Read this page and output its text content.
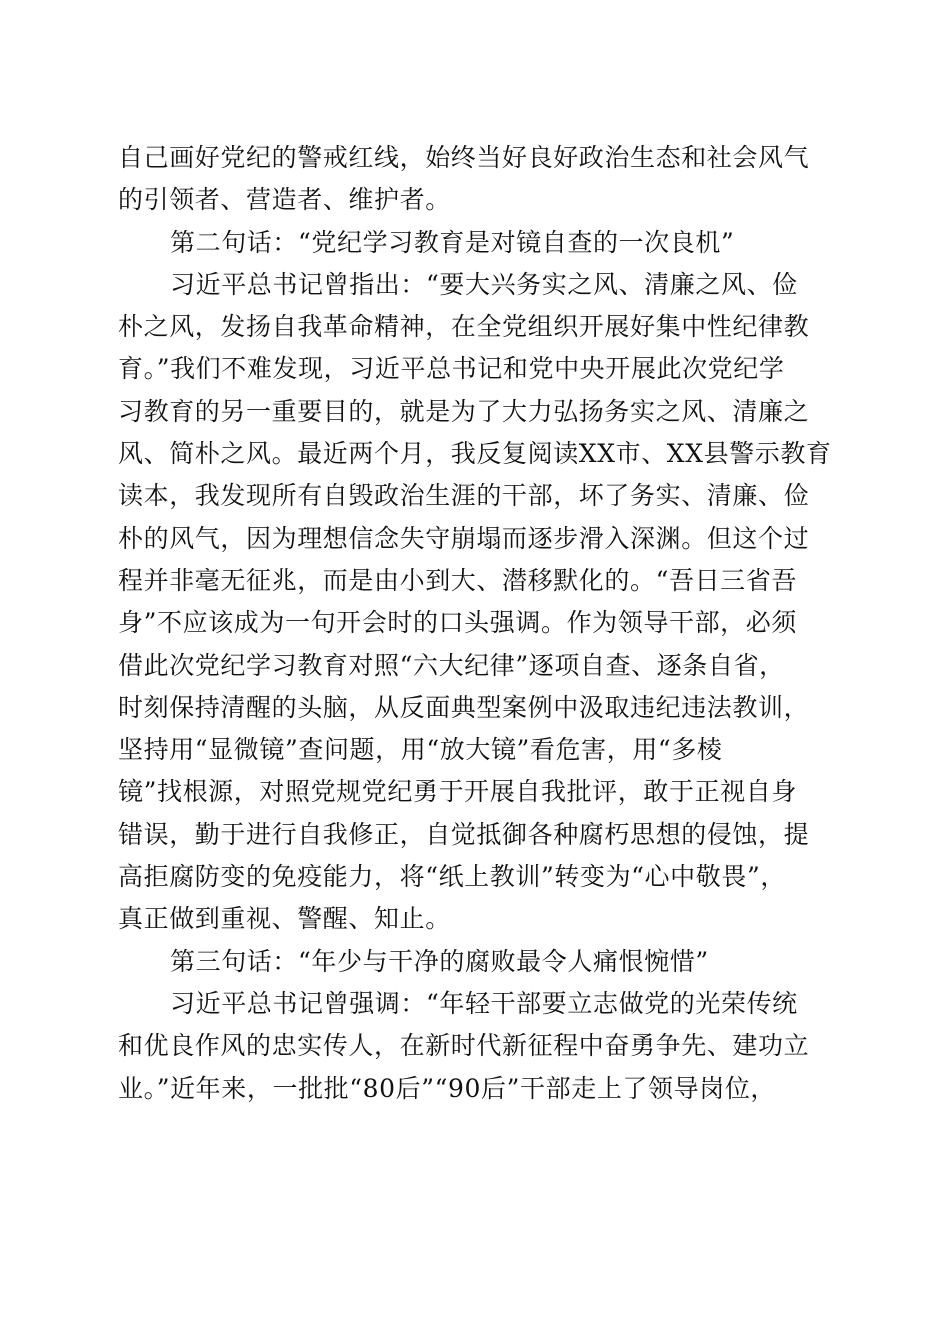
自己画好党纪的警戒红线，始终当好良好政治生态和社会风气
的引领者、营造者、维护者。
第二句话：“党纪学习教育是对镜自查的一次良机”
习近平总书记曾指出：“要大兴务实之风、清廉之风、俭
朴之风，发扬自我革命精神，在全党组织开展好集中性纪律教
育。”我们不难发现，习近平总书记和党中央开展此次党纪学
习教育的另一重要目的，就是为了大力弘扬务实之风、清廉之
风、简朴之风。最近两个月，我反复阅读XX市、XX县警示教育
读本，我发现所有自毁政治生涯的干部，坏了务实、清廉、俭
朴的风气，因为理想信念失守崩塌而逐步滑入深渊。但这个过
程并非毫无征兆，而是由小到大、潜移默化的。“吾日三省吾
身”不应该成为一句开会时的口头强调。作为领导干部，必须
借此次党纪学习教育对照“六大纪律”逐项自查、逐条自省，
时刻保持清醒的头脑，从反面典型案例中汲取违纪违法教训，
坚持用“显微镜”查问题，用“放大镜”看危害，用“多棱
镜”找根源，对照党规党纪勇于开展自我批评，敢于正视自身
错误，勤于进行自我修正，自觉抵御各种腐朽思想的侵蚀，提
高拒腐防变的免疫能力，将“纸上教训”转变为“心中敬畏”，
真正做到重视、警醒、知止。
第三句话：“年少与干净的腐败最令人痛恨惋惜”
习近平总书记曾强调：“年轻干部要立志做党的光荣传统
和优良作风的忠实传人，在新时代新征程中奋勇争先、建功立
业。”近年来，一批批“80后”“90后”干部走上了领导岗位，
